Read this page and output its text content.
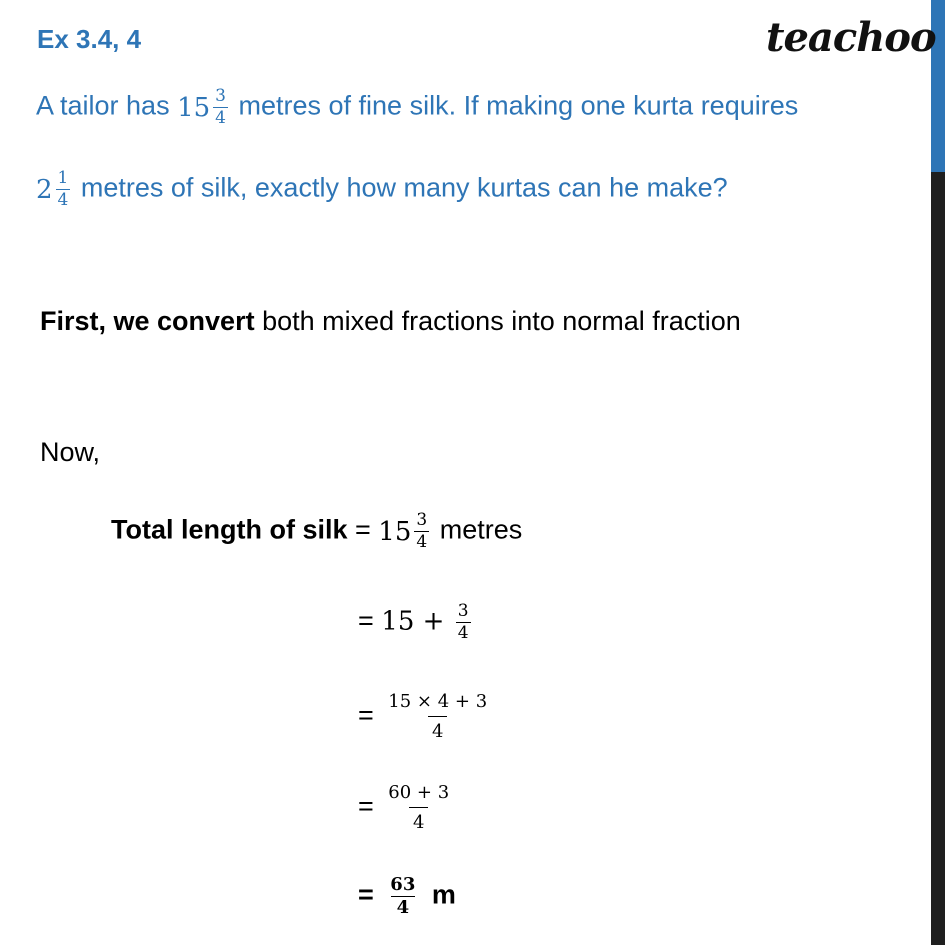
Ex 3.4, 4	teachoo
A tailor has $15 \frac{3}{4}$ metres of fine silk. If making one kurta requires
$2 \frac{1}{4}$ metres of silk, exactly how many kurtas can he make?
First, we convert both mixed fractions into normal fraction
Now,
Total length of silk = $15 \frac{3}{4}$ metres
= $15 + \frac{3}{4}$
= $\frac{15 \times 4 + 3}{4}$
= $\frac{60 + 3}{4}$
= $\frac{63}{4}$ m
